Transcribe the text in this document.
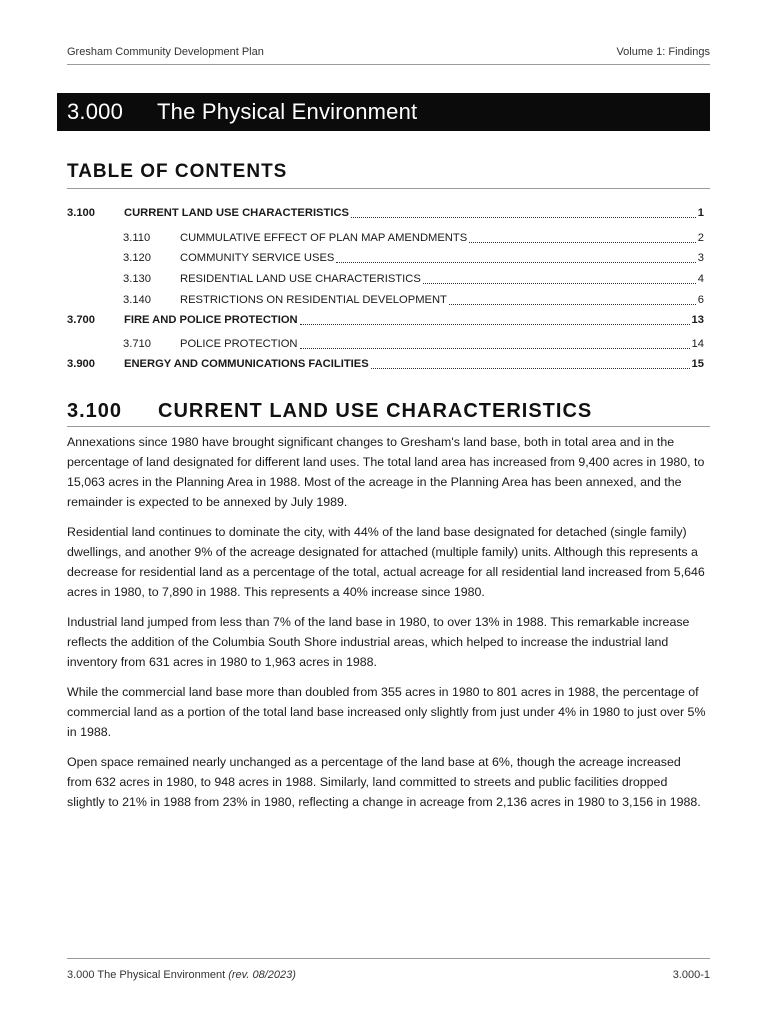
Gresham Community Development Plan	Volume 1: Findings
3.000	The Physical Environment
TABLE OF CONTENTS
3.100	CURRENT LAND USE CHARACTERISTICS	1
3.110	CUMMULATIVE EFFECT OF PLAN MAP AMENDMENTS	2
3.120	COMMUNITY SERVICE USES	3
3.130	RESIDENTIAL LAND USE CHARACTERISTICS	4
3.140	RESTRICTIONS ON RESIDENTIAL DEVELOPMENT	6
3.700	FIRE AND POLICE PROTECTION	13
3.710	POLICE PROTECTION	14
3.900	ENERGY AND COMMUNICATIONS FACILITIES	15
3.100	CURRENT LAND USE CHARACTERISTICS

Annexations since 1980 have brought significant changes to Gresham's land base, both in total area and in the percentage of land designated for different land uses. The total land area has increased from 9,400 acres in 1980, to 15,063 acres in the Planning Area in 1988. Most of the acreage in the Planning Area has been annexed, and the remainder is expected to be annexed by July 1989.

Residential land continues to dominate the city, with 44% of the land base designated for detached (single family) dwellings, and another 9% of the acreage designated for attached (multiple family) units. Although this represents a decrease for residential land as a percentage of the total, actual acreage for all residential land increased from 5,646 acres in 1980, to 7,890 in 1988. This represents a 40% increase since 1980.

Industrial land jumped from less than 7% of the land base in 1980, to over 13% in 1988. This remarkable increase reflects the addition of the Columbia South Shore industrial areas, which helped to increase the industrial land inventory from 631 acres in 1980 to 1,963 acres in 1988.

While the commercial land base more than doubled from 355 acres in 1980 to 801 acres in 1988, the percentage of commercial land as a portion of the total land base increased only slightly from just under 4% in 1980 to just over 5% in 1988.

Open space remained nearly unchanged as a percentage of the land base at 6%, though the acreage increased from 632 acres in 1980, to 948 acres in 1988. Similarly, land committed to streets and public facilities dropped slightly to 21% in 1988 from 23% in 1980, reflecting a change in acreage from 2,136 acres in 1980 to 3,156 in 1988.

3.000 The Physical Environment (rev. 08/2023)	3.000-1
